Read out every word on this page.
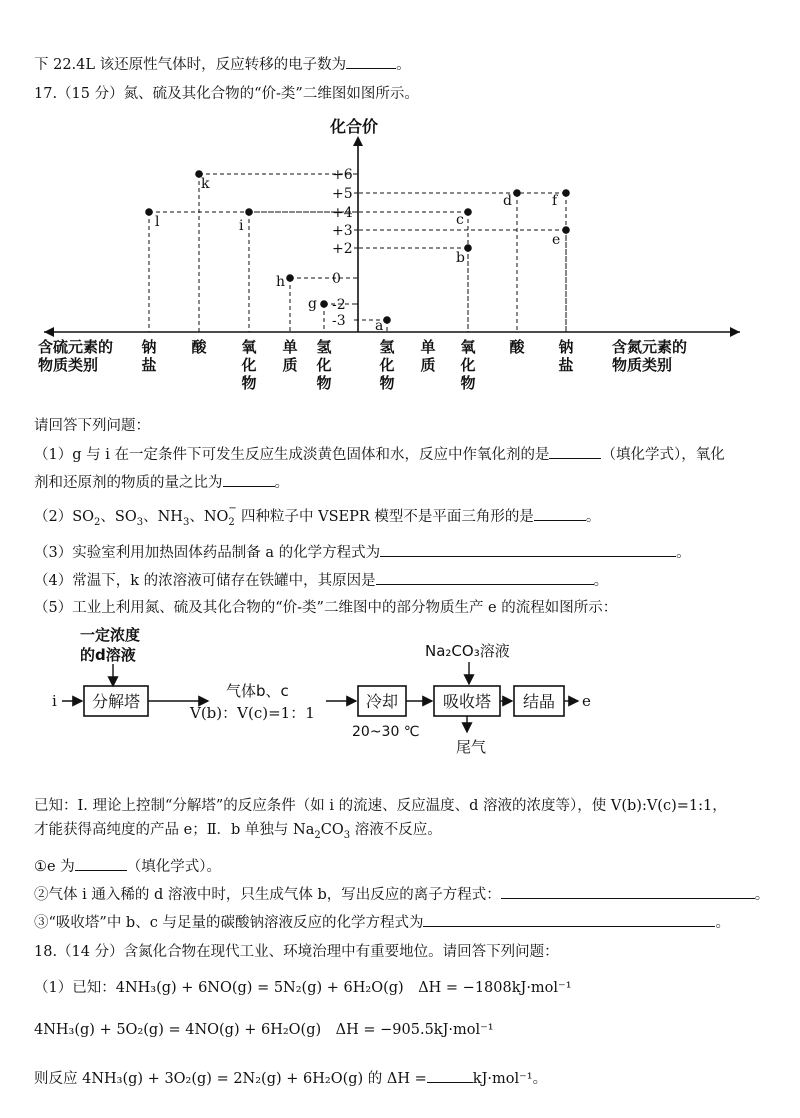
下 22.4L 该还原性气体时，反应转移的电子数为	。
17.（15 分）氮、硫及其化合物的“价-类”二维图如图所示。
化合价
+6
+5
+4
+3
+2
0
-2
-3
含硫元素的
物质类别
含氮元素的
物质类别
钠
盐
酸 氧
化
物
单
质
氢
化
物
氢
化
物
单
质
氧
化
物
酸 钠
盐
l
k
i
h
g
a
b
c
d	f
e
请回答下列问题：
（1）g 与 i 在一定条件下可发生反应生成淡黄色固体和水，反应中作氧化剂的是	（填化学式），氧化
剂和还原剂的物质的量之比为	。
$(2)SO_2$、$SO_3$、$NH_3$、NO
−
2 四种粒子中 VSEPR 模型不是平面三角形的是	。
（3）实验室利用加热固体药品制备 a 的化学方程式为	。
（4）常温下，k 的浓溶液可储存在铁罐中，其原因是	。
（5）工业上利用氮、硫及其化合物的“价-类”二维图中的部分物质生产 e 的流程如图所示：
一定浓度
的d溶液
i 分解塔
气体b、c
V(b)：V(c)=1：1
冷却
20~30 ℃
Na₂CO₃溶液
吸收塔
尾气
结晶 e
已知：Ⅰ. 理论上控制“分解塔”的反应条件（如 i 的流速、反应温度、d 溶液的浓度等），使 V(b):V(c)=1:1，
才能获得高纯度的产品 e；Ⅱ．b 单独与 $Na_2CO_3$ 溶液不反应。
①e 为	（填化学式）。
②气体 i 通入稀的 d 溶液中时，只生成气体 b，写出反应的离子方程式：	。
③“吸收塔”中 b、c 与足量的碳酸钠溶液反应的化学方程式为	。
18.（14 分）含氮化合物在现代工业、环境治理中有重要地位。请回答下列问题：
（1）已知：4NH₃(g) + 6NO(g) = 5N₂(g) + 6H₂O(g)　ΔH = −1808kJ·mol⁻¹
4NH₃(g) + 5O₂(g) = 4NO(g) + 6H₂O(g)　ΔH = −905.5kJ·mol⁻¹
则反应 4NH₃(g) + 3O₂(g) = 2N₂(g) + 6H₂O(g) 的 ΔH =	kJ·mol⁻¹。
